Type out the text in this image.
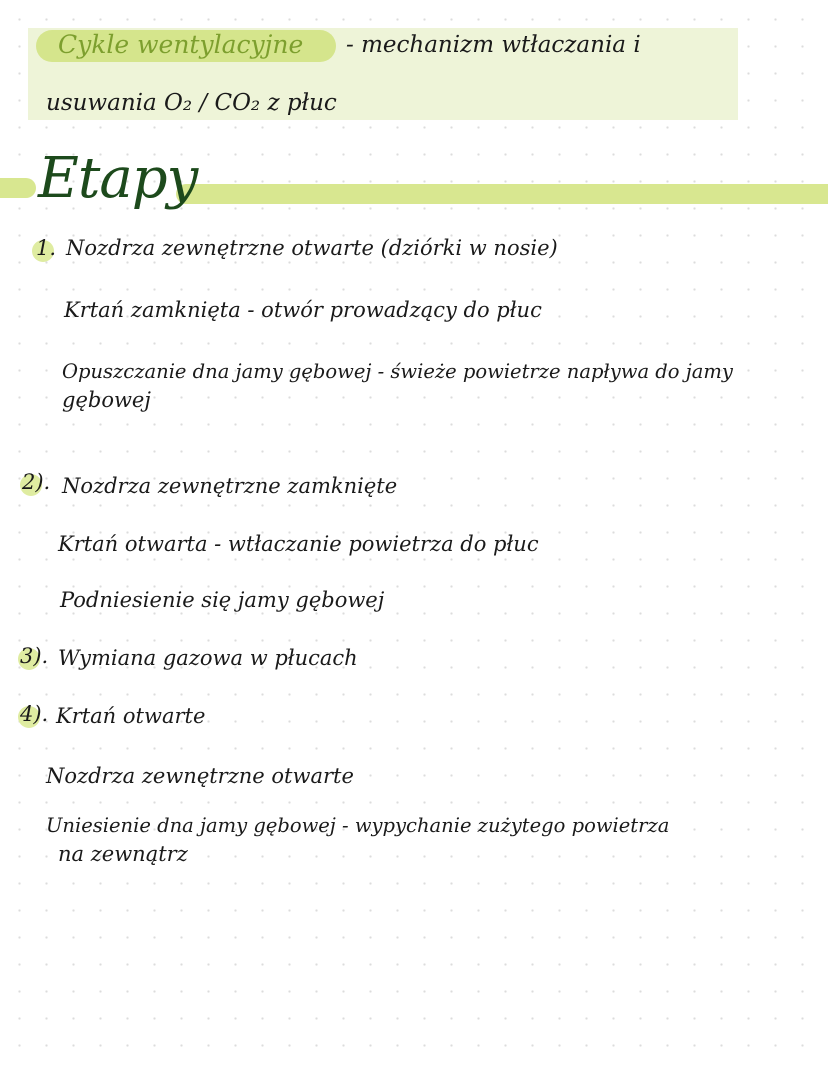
Cykle wentylacyjne - mechanizm wtłaczania i
usuwania O₂ / CO₂ z płuc
Etapy
1. Nozdrza zewnętrzne otwarte (dziórki w nosie)
Krtań zamknięta - otwór prowadzący do płuc
Opuszczanie dna jamy gębowej - świeże powietrze napływa do jamy
gębowej
2). Nozdrza zewnętrzne zamknięte
Krtań otwarta - wtłaczanie powietrza do płuc
Podniesienie się jamy gębowej
3). Wymiana gazowa w płucach
4). Krtań otwarte
Nozdrza zewnętrzne otwarte
Uniesienie dna jamy gębowej - wypychanie zużytego powietrza
na zewnątrz
